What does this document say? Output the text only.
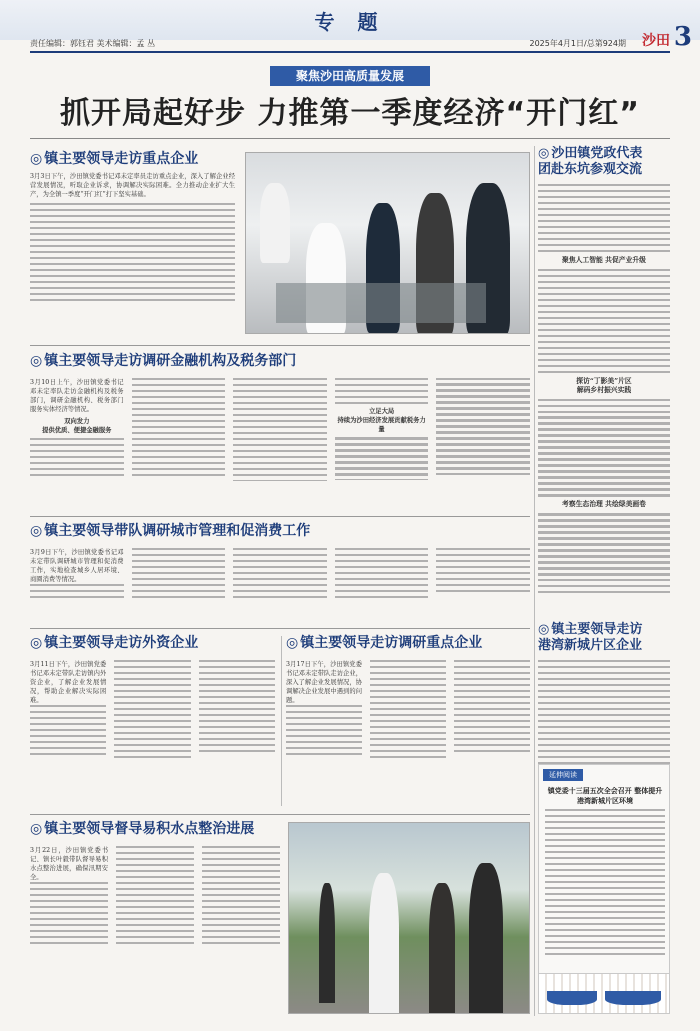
专 题
责任编辑：郭钰君 美术编辑：孟 丛	2025年4月1日/总第924期 沙田 3
聚焦沙田高质量发展
抓开局起好步 力推第一季度经济“开门红”
◎ 镇主要领导走访重点企业
3月3日下午，沙田镇党委书记邓未定率员走访重点企业，深入了解企业经营发展情况，听取企业诉求，协调解决实际困难。全力推动企业扩大生产，为全镇一季度“开门红”打下坚实基础。
◎ 镇主要领导走访调研金融机构及税务部门
3月10日上午，沙田镇党委书记邓未定率队走访金融机构及税务部门，调研金融机构、税务部门服务实体经济等情况。
双向发力
提供优质、便捷金融服务
立足大局
持续为沙田经济发展贡献税务力量
◎ 镇主要领导带队调研城市管理和促消费工作
3月9日下午，沙田镇党委书记邓未定带队调研城市管理和促消费工作，实地检查城乡人居环境、商圈消费等情况。
◎ 镇主要领导走访外资企业
3月11日下午，沙田镇党委书记邓未定带队走访镇内外资企业，了解企业发展情况，帮助企业解决实际困难。
◎ 镇主要领导走访调研重点企业
3月17日下午，沙田镇党委书记邓未定带队走访企业，深入了解企业发展情况，协调解决企业发展中遇到的问题。
◎ 镇主要领导督导易积水点整治进展
3月22日，沙田镇党委书记、镇长叶毅带队督导易积水点整治进展，确保汛期安全。
◎ 沙田镇党政代表
团赴东坑参观交流
聚焦人工智能 共促产业升级
探访“丁影美”片区
解码乡村振兴实践
考察生态治理 共绘绿美画卷
◎ 镇主要领导走访
港湾新城片区企业
延伸阅读
镇党委十三届五次全会召开 整体提升港湾新城片区环境
